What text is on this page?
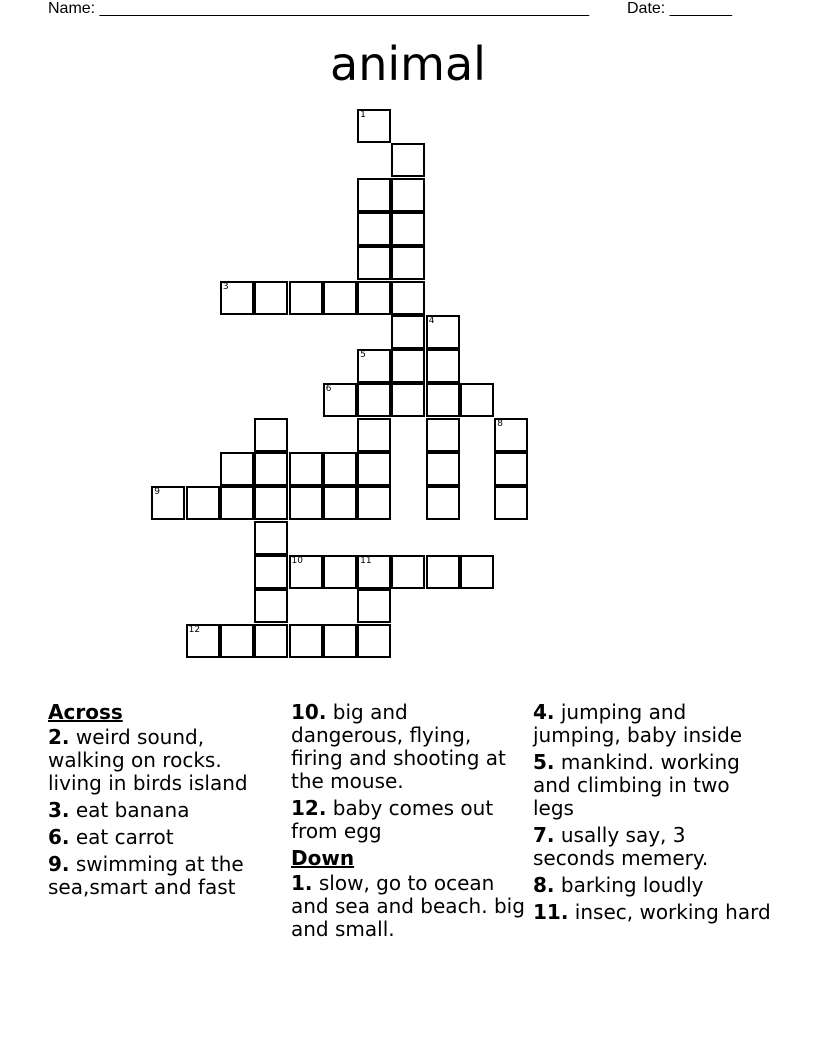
Name: _______________________________________________________ Date: _______
animal
1
3
4
5
6
8
9
10	11
12
Across
2. weird sound, walking on rocks. living in birds island
3. eat banana
6. eat carrot
9. swimming at the sea,smart and fast
10. big and dangerous, flying, firing and shooting at the mouse.
12. baby comes out from egg
Down
1. slow, go to ocean and sea and beach. big and small.
4. jumping and jumping, baby inside
5. mankind. working and climbing in two legs
7. usally say, 3 seconds memery.
8. barking loudly
11. insec, working hard
